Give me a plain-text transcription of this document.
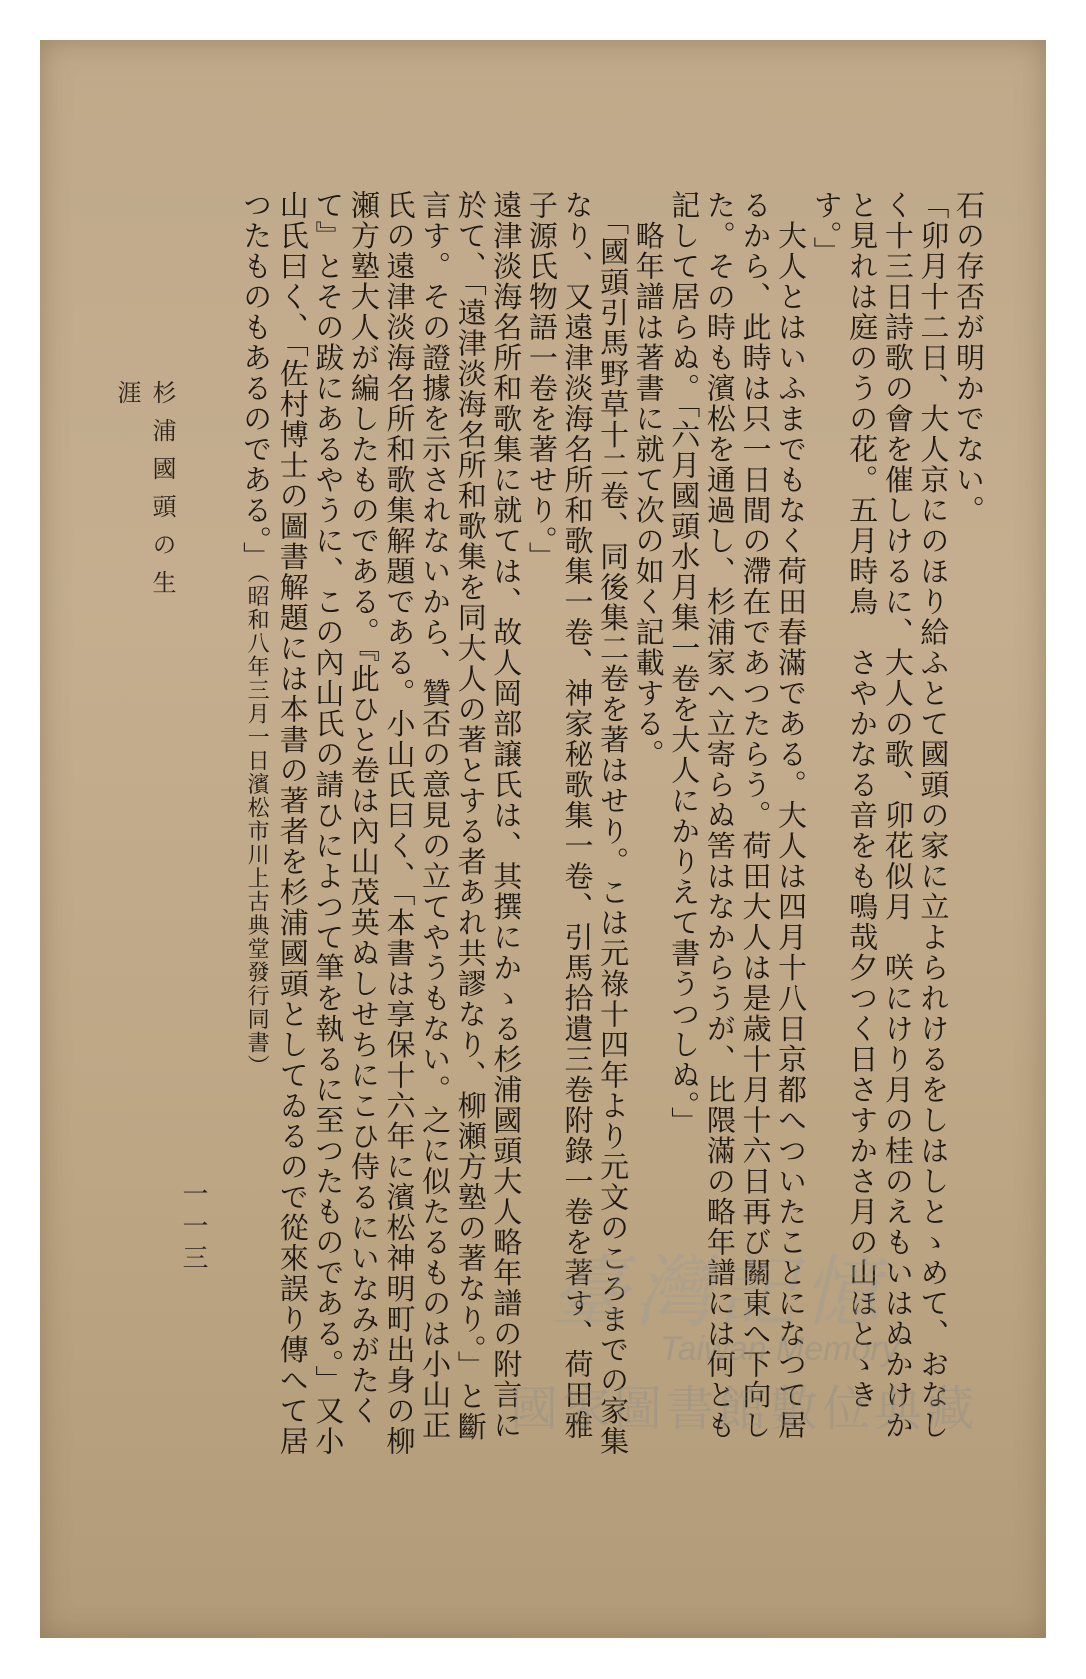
石の存否が明かでない。

「卯月十二日、大人京にのほり給ふとて國頭の家に立よられけるをしはしとゝめて、おなしく十三日詩歌の會を催しけるに、大人の歌、卯花似月　咲にけり月の桂のえもいはぬかけかと見れは庭のうの花。五月時鳥　さやかなる音をも鳴哉夕つく日さすかさ月の山ほとゝきす。」

　大人とはいふまでもなく荷田春滿である。大人は四月十八日京都へついたことになつて居るから、此時は只一日間の滯在であつたらう。荷田大人は是歳十月十六日再び關東へ下向した。その時も濱松を通過し、杉浦家へ立寄らぬ筈はなからうが、比隈滿の略年譜には何とも記して居らぬ。「六月國頭水月集一卷を大人にかりえて書うつしぬ。」

　略年譜は著書に就て次の如く記載する。

　「國頭引馬野草十二卷、同後集二卷を著はせり。こは元祿十四年より元文のころまでの家集なり、又遠津淡海名所和歌集一卷、神家秘歌集一卷、引馬拾遺三卷附錄一卷を著す、荷田雅子源氏物語一卷を著せり。」

遠津淡海名所和歌集に就ては、故人岡部譲氏は、其撰にかゝる杉浦國頭大人略年譜の附言に於て、「遠津淡海名所和歌集を同大人の著とする者あれ共謬なり、柳瀬方塾の著なり。」と斷言す。その證據を示されないから、贊否の意見の立てやうもない。之に似たるものは小山正氏の遠津淡海名所和歌集解題である。小山氏曰く、「本書は享保十六年に濱松神明町出身の柳瀬方塾大人が編したものである。『此ひと卷は內山茂英ぬしせちにこひ侍るにいなみがたくて』とその跋にあるやうに、この內山氏の請ひによつて筆を執るに至つたものである。」又小山氏曰く、「佐村博士の圖書解題には本書の著者を杉浦國頭としてゐるので從來誤り傳へて居つたものもあるのである。」（昭和八年三月一日濱松市川上古典堂發行同書）

杉浦國頭の生涯
一一三
臺灣記憶
Taiwan Memory
國家圖書館數位典藏
